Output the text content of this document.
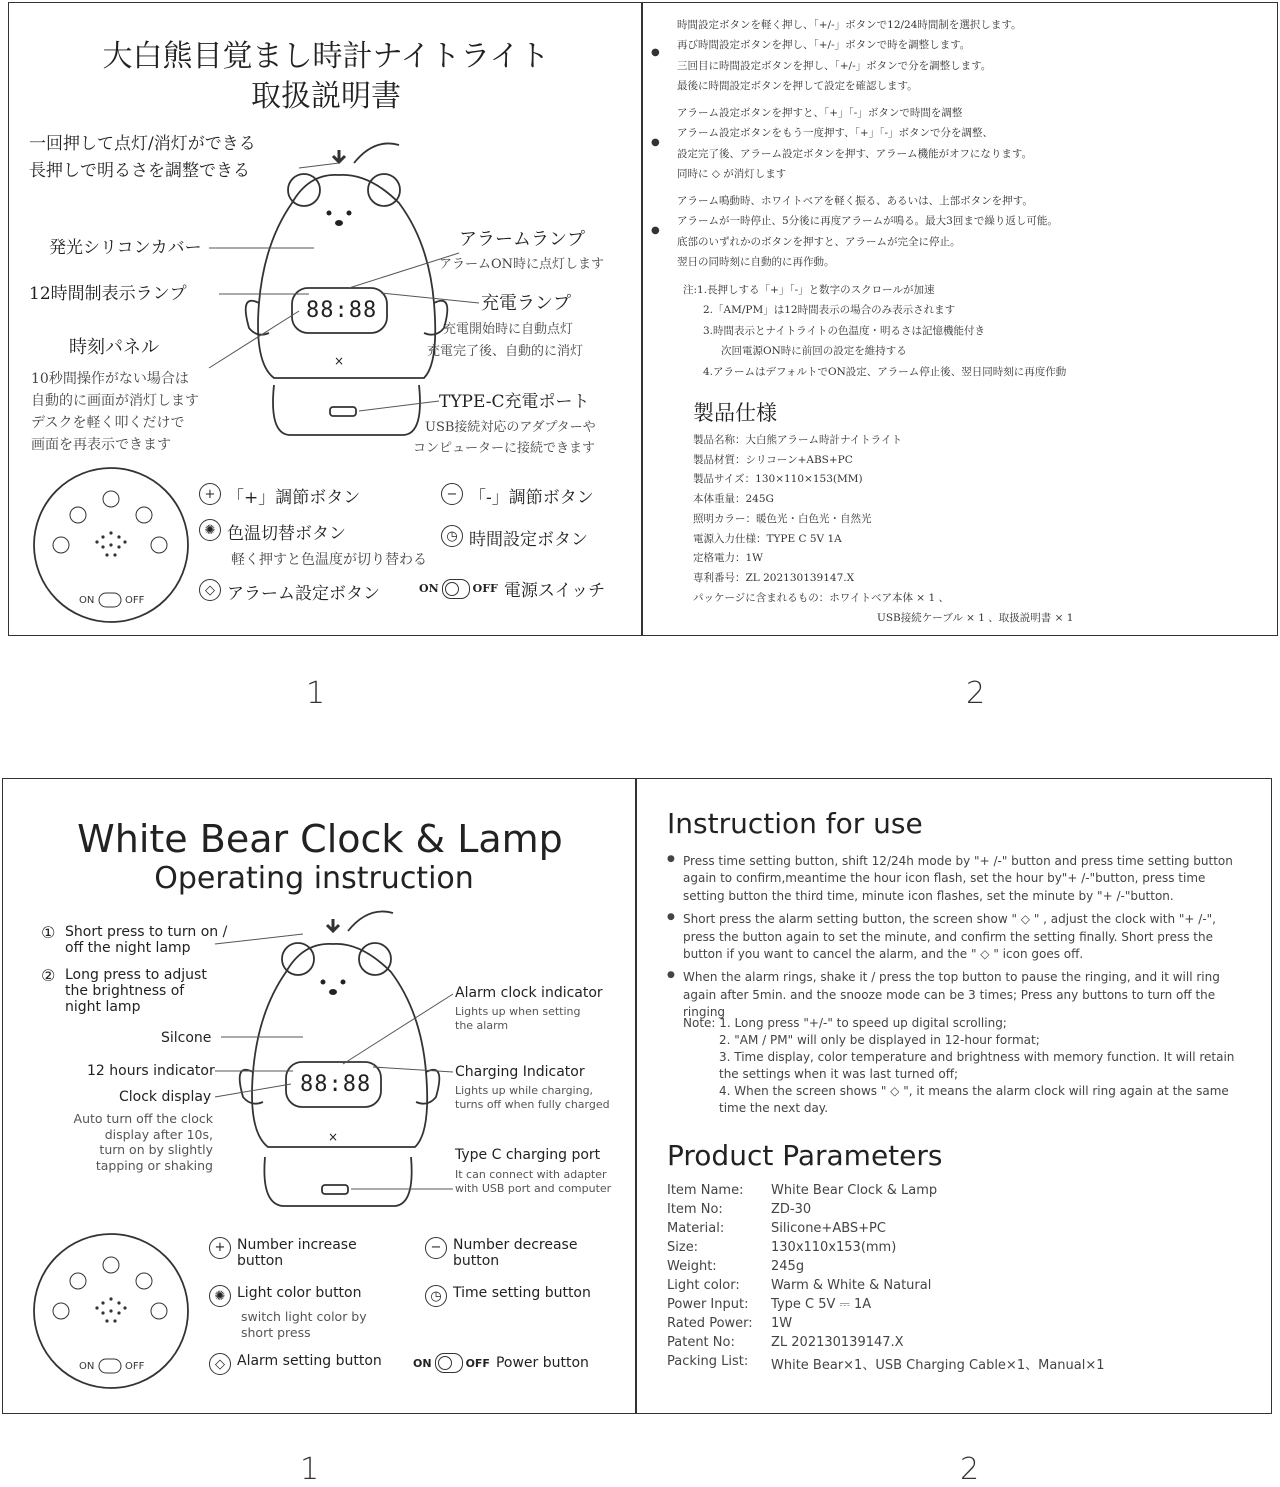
大白熊目覚まし時計ナイトライト
取扱説明書
一回押して点灯/消灯ができる
長押しで明るさを調整できる
発光シリコンカバー
12時間制表示ランプ
時刻パネル
10秒間操作がない場合は
自動的に画面が消灯します
デスクを軽く叩くだけで
画面を再表示できます
アラームランプ
アラームON時に点灯します
充電ランプ
充電開始時に自動点灯
充電完了後、自動的に消灯
TYPE-C充電ポート
USB接続対応のアダプターや
コンピューターに接続できます
×
88:88
ON	OFF
+ 「+」調節ボタン	− 「-」調節ボタン
✺ 色温切替ボタン
軽く押すと色温度が切り替わる
◷ 時間設定ボタン
◇ アラーム設定ボタン	ON	OFF 電源スイッチ
1
●
時間設定ボタンを軽く押し、「+/-」ボタンで12/24時間制を選択します。
再び時間設定ボタンを押し、「+/-」ボタンで時を調整します。
三回目に時間設定ボタンを押し、「+/-」ボタンで分を調整します。
最後に時間設定ボタンを押して設定を確認します。
●
アラーム設定ボタンを押すと、「+」「-」ボタンで時間を調整
アラーム設定ボタンをもう一度押す、「+」「-」ボタンで分を調整、
設定完了後、アラーム設定ボタンを押す、アラーム機能がオフになります。
同時に ◇ が消灯します
●
アラーム鳴動時、ホワイトベアを軽く振る、あるいは、上部ボタンを押す。
アラームが一時停止、5分後に再度アラームが鳴る。最大3回まで繰り返し可能。
底部のいずれかのボタンを押すと、アラームが完全に停止。
翌日の同時刻に自動的に再作動。
注:1.長押しする「+」「-」と数字のスクロールが加速
2.「AM/PM」は12時間表示の場合のみ表示されます
3.時間表示とナイトライトの色温度・明るさは記憶機能付き
次回電源ON時に前回の設定を維持する
4.アラームはデフォルトでON設定、アラーム停止後、翌日同時刻に再度作動
製品仕様
製品名称：大白熊アラーム時計ナイトライト
製品材質：シリコーン+ABS+PC
製品サイズ：130×110×153(MM)
本体重量：245G
照明カラー：暖色光・白色光・自然光
電源入力仕様：TYPE C 5V 1A
定格電力：1W
専利番号：ZL 202130139147.X
パッケージに含まれるもの：ホワイトベア本体 × 1 、
USB接続ケーブル × 1 、取扱説明書 × 1
2
White Bear Clock & Lamp
Operating instruction
① Short press to turn on /
off the night lamp
② Long press to adjust
the brightness of
night lamp
Silcone
12 hours indicator
Clock display
Auto turn off the clock
display after 10s,
turn on by slightly
tapping or shaking
Alarm clock indicator
Lights up when setting
the alarm
Charging Indicator
Lights up while charging,
turns off when fully charged
Type C charging port
It can connect with adapter
with USB port and computer
×
88:88
ON	OFF
+ Number increase
button
− Number decrease
button
✺ Light color button
switch light color by
short press
◷ Time setting button
◇ Alarm setting button	ON	OFF Power button
1
Instruction for use
● Press time setting button, shift 12/24h mode by "+ /-" button and press time setting button again to confirm,meantime the hour icon flash, set the hour by"+ /-"button, press time setting button the third time, minute icon flashes, set the minute by "+ /-"button.
● Short press the alarm setting button, the screen show " ◇ " , adjust the clock with "+ /-", press the button again to set the minute, and confirm the setting finally. Short press the button if you want to cancel the alarm, and the " ◇ " icon goes off.
● When the alarm rings, shake it / press the top button to pause the ringing, and it will ring again after 5min. and the snooze mode can be 3 times; Press any buttons to turn off the ringing
Note: 1. Long press "+/-" to speed up digital scrolling;
2. "AM / PM" will only be displayed in 12-hour format;
3. Time display, color temperature and brightness with memory function. It will retain the settings when it was last turned off;
4. When the screen shows " ◇ ", it means the alarm clock will ring again at the same time the next day.
Product Parameters
Item Name:	White Bear Clock & Lamp
Item No:	ZD-30
Material:	Silicone+ABS+PC
Size:	130x110x153(mm)
Weight:	245g
Light color:	Warm & White & Natural
Power Input:	Type C 5V ⎓ 1A
Rated Power:	1W
Patent No:	ZL 202130139147.X
Packing List:	White Bear×1、USB Charging Cable×1、Manual×1
2
